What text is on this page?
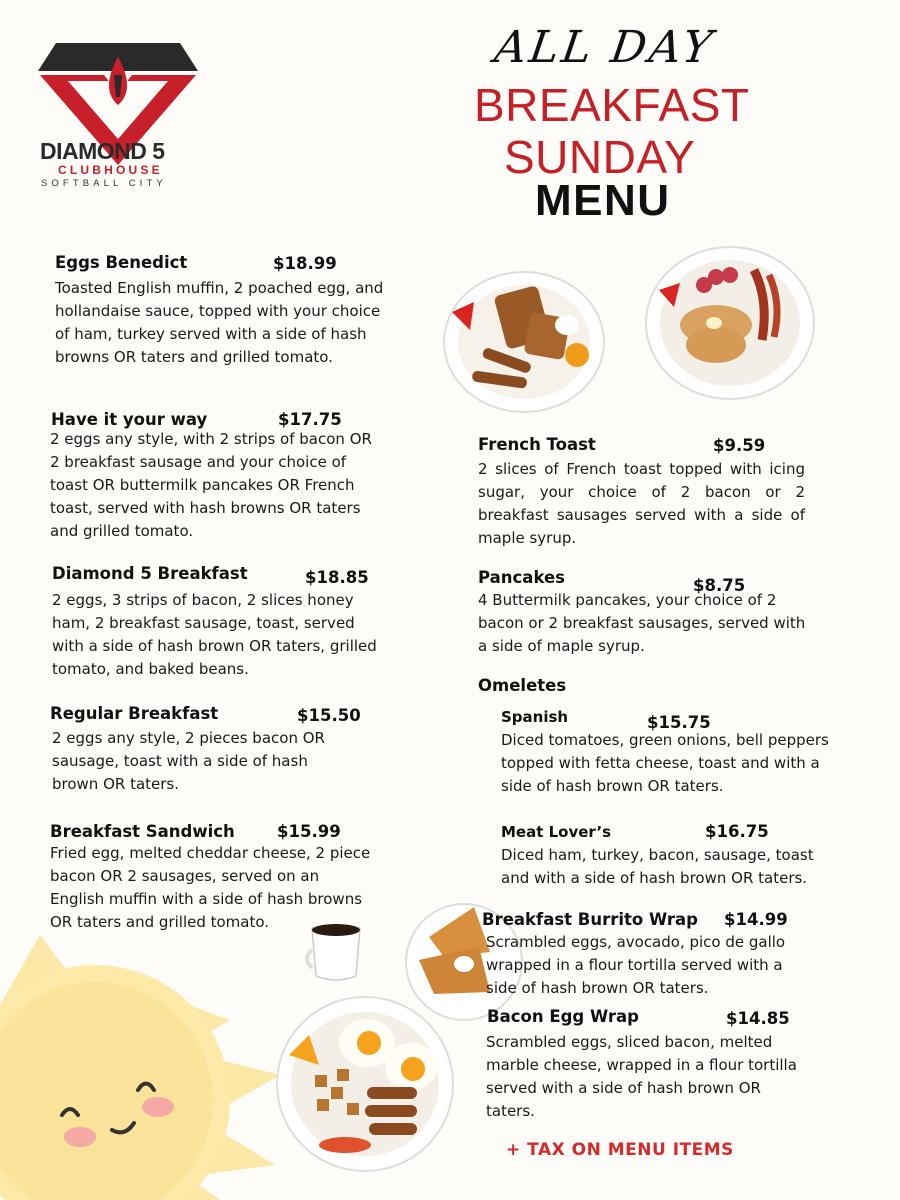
DIAMOND 5
CLUBHOUSE
SOFTBALL CITY
ALL DAY
BREAKFAST
SUNDAY
MENU
Eggs Benedict	$18.99
Toasted English muffin, 2 poached egg, and hollandaise sauce, topped with your choice of ham, turkey served with a side of hash browns OR taters and grilled tomato.
Have it your way	$17.75
2 eggs any style, with 2 strips of bacon OR 2 breakfast sausage and your choice of toast OR buttermilk pancakes OR French toast, served with hash browns OR taters and grilled tomato.
Diamond 5 Breakfast	$18.85
2 eggs, 3 strips of bacon, 2 slices honey ham, 2 breakfast sausage, toast, served with a side of hash brown OR taters, grilled tomato, and baked beans.
Regular Breakfast	$15.50
2 eggs any style, 2 pieces bacon OR sausage, toast with a side of hash brown OR taters.
Breakfast Sandwich	$15.99
Fried egg, melted cheddar cheese, 2 piece bacon OR 2 sausages, served on an English muffin with a side of hash browns OR taters and grilled tomato.
French Toast	$9.59
2 slices of French toast topped with icing sugar, your choice of 2 bacon or 2 breakfast sausages served with a side of maple syrup.
Pancakes	$8.75
4 Buttermilk pancakes, your choice of 2 bacon or 2 breakfast sausages, served with a side of maple syrup.
Omeletes
Spanish	$15.75
Diced tomatoes, green onions, bell peppers topped with fetta cheese, toast and with a side of hash brown OR taters.
Meat Lover’s	$16.75
Diced ham, turkey, bacon, sausage, toast and with a side of hash brown OR taters.
Breakfast Burrito Wrap $14.99
Scrambled eggs, avocado, pico de gallo wrapped in a flour tortilla served with a side of hash brown OR taters.
Bacon Egg Wrap	$14.85
Scrambled eggs, sliced bacon, melted marble cheese, wrapped in a flour tortilla served with a side of hash brown OR taters.
+ TAX ON MENU ITEMS
